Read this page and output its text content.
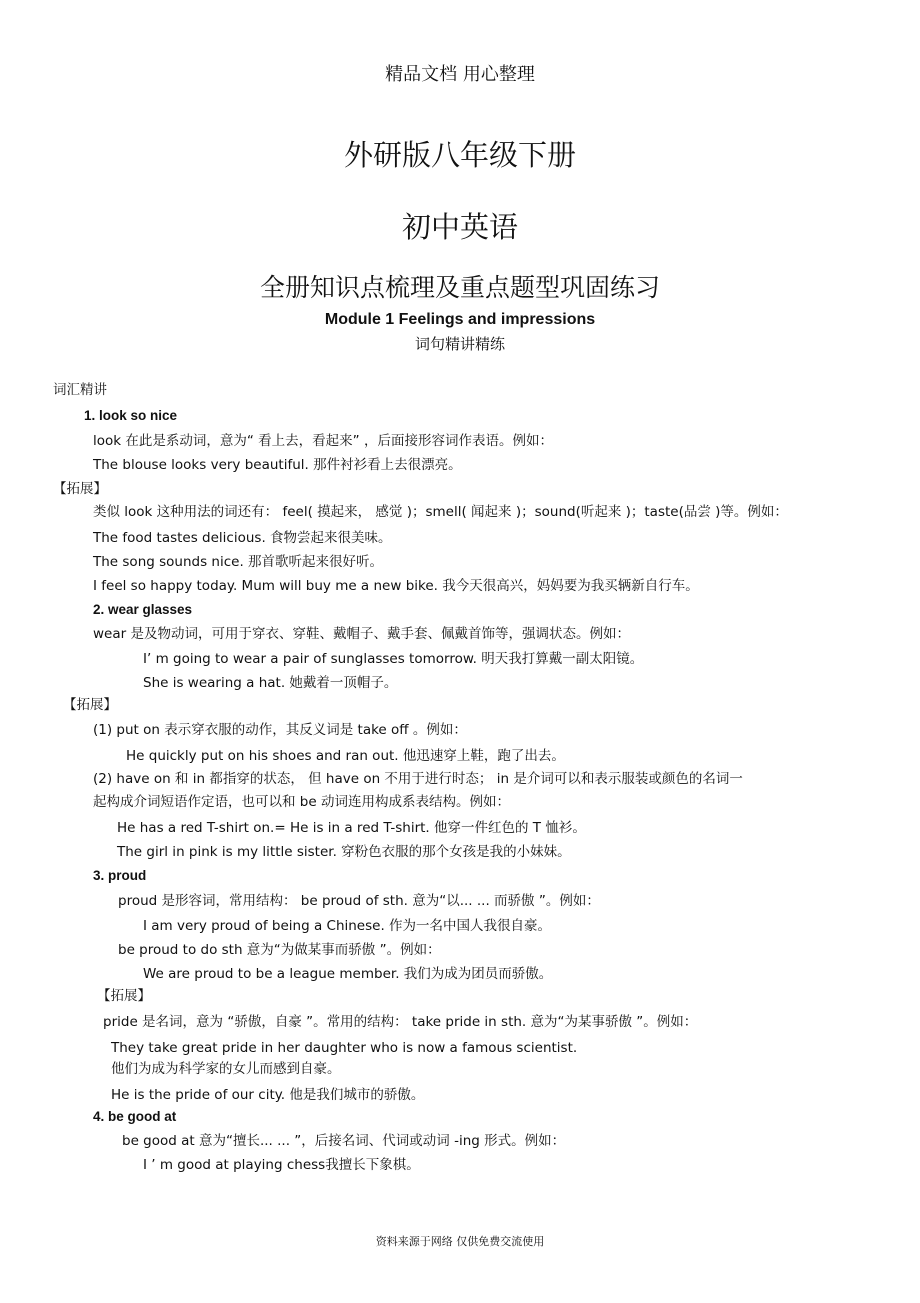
精品文档 用心整理
外研版八年级下册
初中英语
全册知识点梳理及重点题型巩固练习
Module 1 Feelings and impressions
词句精讲精练
词汇精讲
1. look so nice
look 在此是系动词，意为“ 看上去，看起来” ，后面接形容词作表语。例如：
The blouse looks very beautiful. 那件衬衫看上去很漂亮。
【拓展】
类似 look 这种用法的词还有： feel( 摸起来， 感觉 )；smell( 闻起来 )；sound(听起来 )；taste(品尝 )等。例如：
The food tastes delicious. 食物尝起来很美味。
The song sounds nice. 那首歌听起来很好听。
I feel so happy today. Mum will buy me a new bike. 我今天很高兴，妈妈要为我买辆新自行车。
2. wear glasses
wear 是及物动词，可用于穿衣、穿鞋、戴帽子、戴手套、佩戴首饰等，强调状态。例如：
I’ m going to wear a pair of sunglasses tomorrow. 明天我打算戴一副太阳镜。
She is wearing a hat. 她戴着一顶帽子。
【拓展】
(1) put on 表示穿衣服的动作，其反义词是 take off 。例如：
He quickly put on his shoes and ran out. 他迅速穿上鞋，跑了出去。
(2) have on 和 in 都指穿的状态， 但 have on 不用于进行时态； in 是介词可以和表示服装或颜色的名词一
起构成介词短语作定语，也可以和 be 动词连用构成系表结构。例如：
He has a red T-shirt on.= He is in a red T-shirt. 他穿一件红色的 T 恤衫。
The girl in pink is my little sister. 穿粉色衣服的那个女孩是我的小妹妹。
3. proud
proud 是形容词，常用结构： be proud of sth. 意为“以... ... 而骄傲 ”。例如：
I am very proud of being a Chinese. 作为一名中国人我很自豪。
be proud to do sth 意为“为做某事而骄傲 ”。例如：
We are proud to be a league member. 我们为成为团员而骄傲。
【拓展】
pride 是名词，意为 “骄傲，自豪 ”。常用的结构： take pride in sth. 意为“为某事骄傲 ”。例如：
They take great pride in her daughter who is now a famous scientist.
他们为成为科学家的女儿而感到自豪。
He is the pride of our city. 他是我们城市的骄傲。
4. be good at
be good at 意为“擅长... ... ”，后接名词、代词或动词 -ing 形式。例如：
I ’ m good at playing chess我擅长下象棋。
资料来源于网络 仅供免费交流使用
